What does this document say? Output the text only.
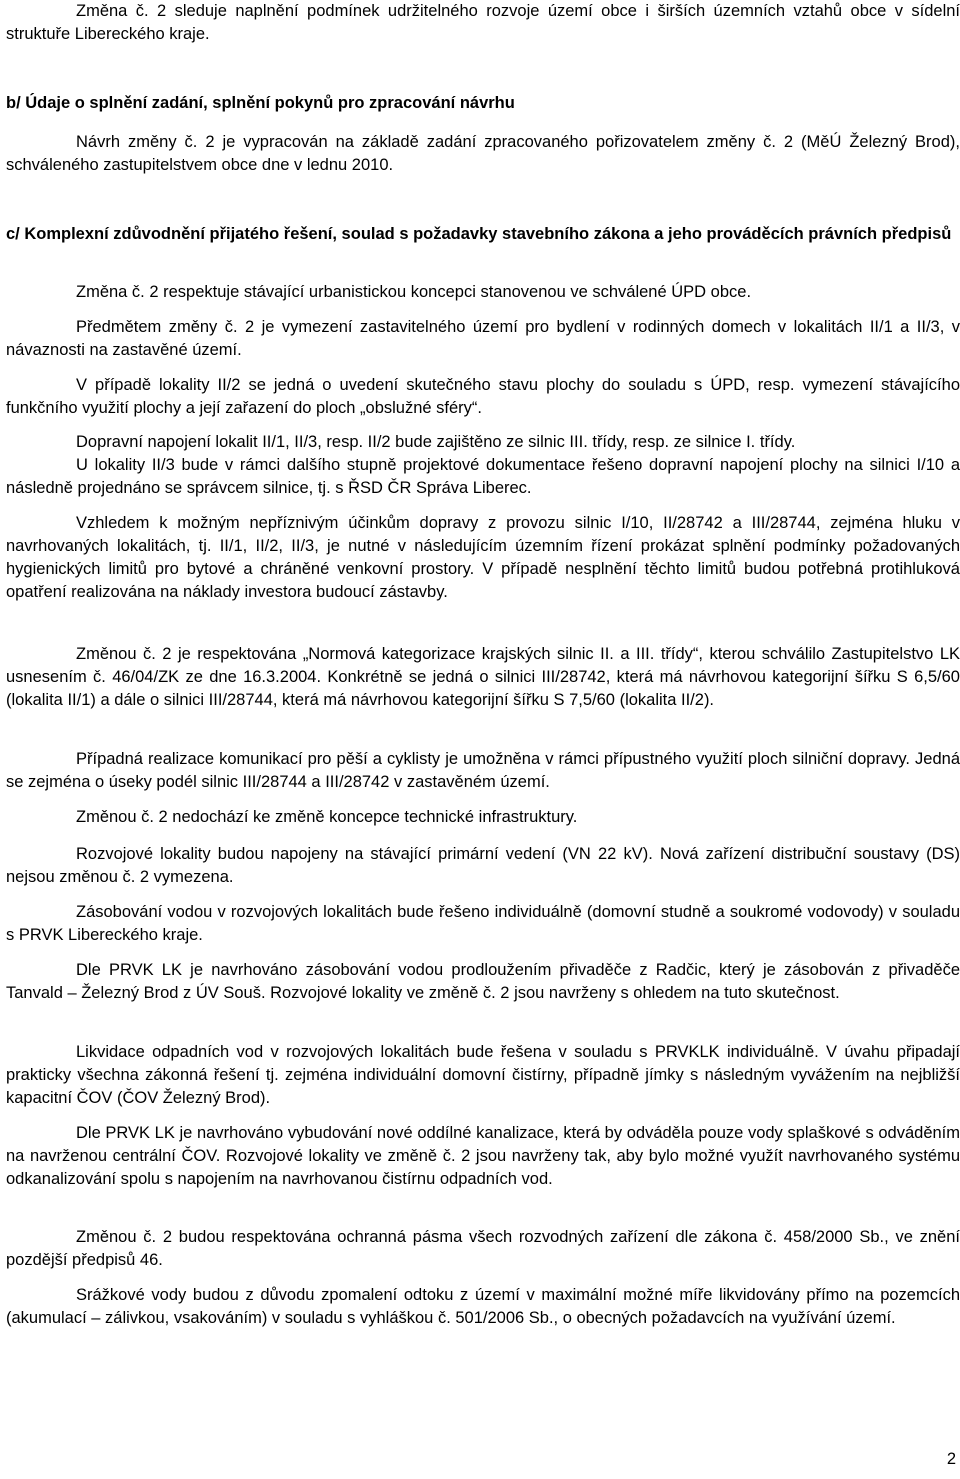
Změna č. 2 sleduje naplnění podmínek udržitelného rozvoje území obce i širších územních vztahů obce v sídelní struktuře Libereckého kraje.

b/ Údaje o splnění zadání, splnění pokynů pro zpracování návrhu

Návrh změny č. 2 je vypracován na základě zadání zpracovaného pořizovatelem změny č. 2 (MěÚ Železný Brod), schváleného zastupitelstvem obce dne v lednu 2010.

c/ Komplexní zdůvodnění přijatého řešení, soulad s požadavky stavebního zákona a jeho prováděcích právních předpisů

Změna č. 2 respektuje stávající urbanistickou koncepci stanovenou ve schválené ÚPD obce.

Předmětem změny č. 2 je vymezení zastavitelného území pro bydlení v rodinných domech v lokalitách II/1 a II/3, v návaznosti na zastavěné území.

V případě lokality II/2 se jedná o uvedení skutečného stavu plochy do souladu s ÚPD, resp. vymezení stávajícího funkčního využití plochy a její zařazení do ploch „obslužné sféry“.

Dopravní napojení lokalit II/1, II/3, resp. II/2 bude zajištěno ze silnic III. třídy, resp. ze silnice I. třídy.

U lokality II/3 bude v rámci dalšího stupně projektové dokumentace řešeno dopravní napojení plochy na silnici I/10 a následně projednáno se správcem silnice, tj. s ŘSD ČR Správa Liberec.

Vzhledem k možným nepříznivým účinkům dopravy z provozu silnic I/10, II/28742 a III/28744, zejména hluku v navrhovaných lokalitách, tj. II/1, II/2, II/3, je nutné v následujícím územním řízení prokázat splnění podmínky požadovaných hygienických limitů pro bytové a chráněné venkovní prostory. V případě nesplnění těchto limitů budou potřebná protihluková opatření realizována na náklady investora budoucí zástavby.

Změnou č. 2 je respektována „Normová kategorizace krajských silnic II. a III. třídy“, kterou schválilo Zastupitelstvo LK usnesením č. 46/04/ZK ze dne 16.3.2004. Konkrétně se jedná o silnici III/28742, která má návrhovou kategorijní šířku S 6,5/60 (lokalita II/1) a dále o silnici III/28744, která má návrhovou kategorijní šířku S 7,5/60 (lokalita II/2).

Případná realizace komunikací pro pěší a cyklisty je umožněna v rámci přípustného využití ploch silniční dopravy. Jedná se zejména o úseky podél silnic III/28744 a III/28742 v zastavěném území.

Změnou č. 2 nedochází ke změně koncepce technické infrastruktury.

Rozvojové lokality budou napojeny na stávající primární vedení (VN 22 kV). Nová zařízení distribuční soustavy (DS) nejsou změnou č. 2 vymezena.

Zásobování vodou v rozvojových lokalitách bude řešeno individuálně (domovní studně a soukromé vodovody) v souladu s PRVK Libereckého kraje.

Dle PRVK LK je navrhováno zásobování vodou prodloužením přivaděče z Radčic, který je zásobován z přivaděče Tanvald – Železný Brod z ÚV Souš. Rozvojové lokality ve změně č. 2 jsou navrženy s ohledem na tuto skutečnost.

Likvidace odpadních vod v rozvojových lokalitách bude řešena v souladu s PRVKLK individuálně. V úvahu připadají prakticky všechna zákonná řešení tj. zejména individuální domovní čistírny, případně jímky s následným vyvážením na nejbližší kapacitní ČOV (ČOV Železný Brod).

Dle PRVK LK je navrhováno vybudování nové oddílné kanalizace, která by odváděla pouze vody splaškové s odváděním na navrženou centrální ČOV. Rozvojové lokality ve změně č. 2 jsou navrženy tak, aby bylo možné využít navrhovaného systému odkanalizování spolu s napojením na navrhovanou čistírnu odpadních vod.

Změnou č. 2 budou respektována ochranná pásma všech rozvodných zařízení dle zákona č. 458/2000 Sb., ve znění pozdější předpisů 46.

Srážkové vody budou z důvodu zpomalení odtoku z území v maximální možné míře likvidovány přímo na pozemcích (akumulací – zálivkou, vsakováním) v souladu s vyhláškou č. 501/2006 Sb., o obecných požadavcích na využívání území.

2
